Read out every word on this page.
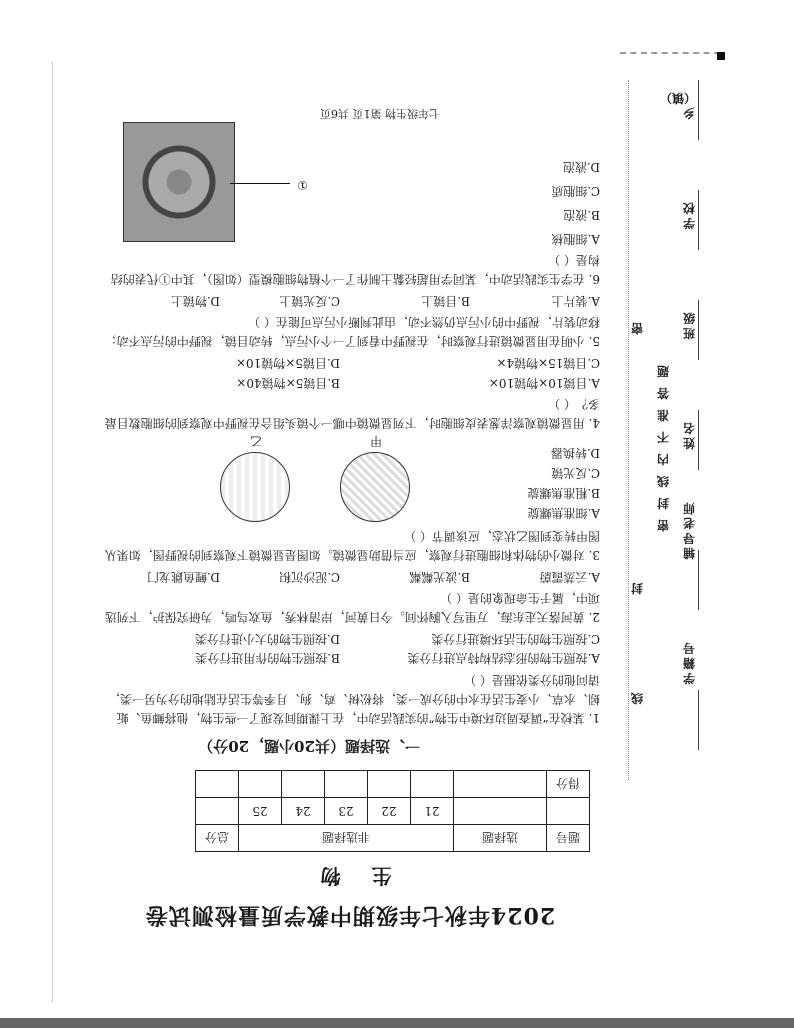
2024年秋七年级期中教学质量检测试卷
生 物
题号	选择题	非选择题					总分
		21	22	23	24	25	
得分							
一、选择题（共20小题，20分）
1. 某校在“调查周边环境中生物”的实践活动中，在上课期间发现了一些生物，他将鲫鱼、蚯蚓、水草、小麦生活在水中的分成一类，将松树、鸡、狗、月季等生活在陆地的分为另一类，请问他的分类依据是（ ）
A.按照生物的形态结构特点进行分类
B.按照生物的作用进行分类
C.按照生物的生活环境进行分类
D.按照生物的大小进行分类
2. 黄河落天走东海，万里写入胸怀间。今日黄河，岸清林秀，鱼欢鸟鸣，为研究保护，下列选项中，属于生命现象的是（ ）
A.云蒸霞蔚
B.波光粼粼
C.泥沙沉积
D.鲤鱼跳龙门
3. 对微小的物体和细胞进行观察，应当借助显微镜。如图是显微镜下观察到的视野图，如果从图甲转变到图乙状态，应该调节（ ）
甲
乙
A.细准焦螺旋
B.粗准焦螺旋
C.反光镜
D.转换器
4. 用显微镜观察洋葱表皮细胞时，下列显微镜中哪一个镜头组合在视野中观察到的细胞数目最多？（ ）
A.目镜10×物镜10×
B.目镜5×物镜40×
C.目镜15×物镜4×
D.目镜5×物镜10×
5. 小明在用显微镜进行观察时，在视野中看到了一个小污点，转动目镜，视野中的污点不动；移动装片，视野中的小污点仍然不动，由此判断小污点可能在（ ）
A.装片上
B.目镜上
C.反光镜上
D.物镜上
6. 在学生实践活动中，某同学用超轻黏土制作了一个植物细胞模型（如图），其中①代表的结构是（ ）
①
A.细胞核
B.液泡
C.细胞质
D.液泡
七年级生物 第1页 共6页	乡（镇）
学校
班级
姓名
辅导老师
学籍号
密
封
线
密 封 线 内 不 准 答 题
